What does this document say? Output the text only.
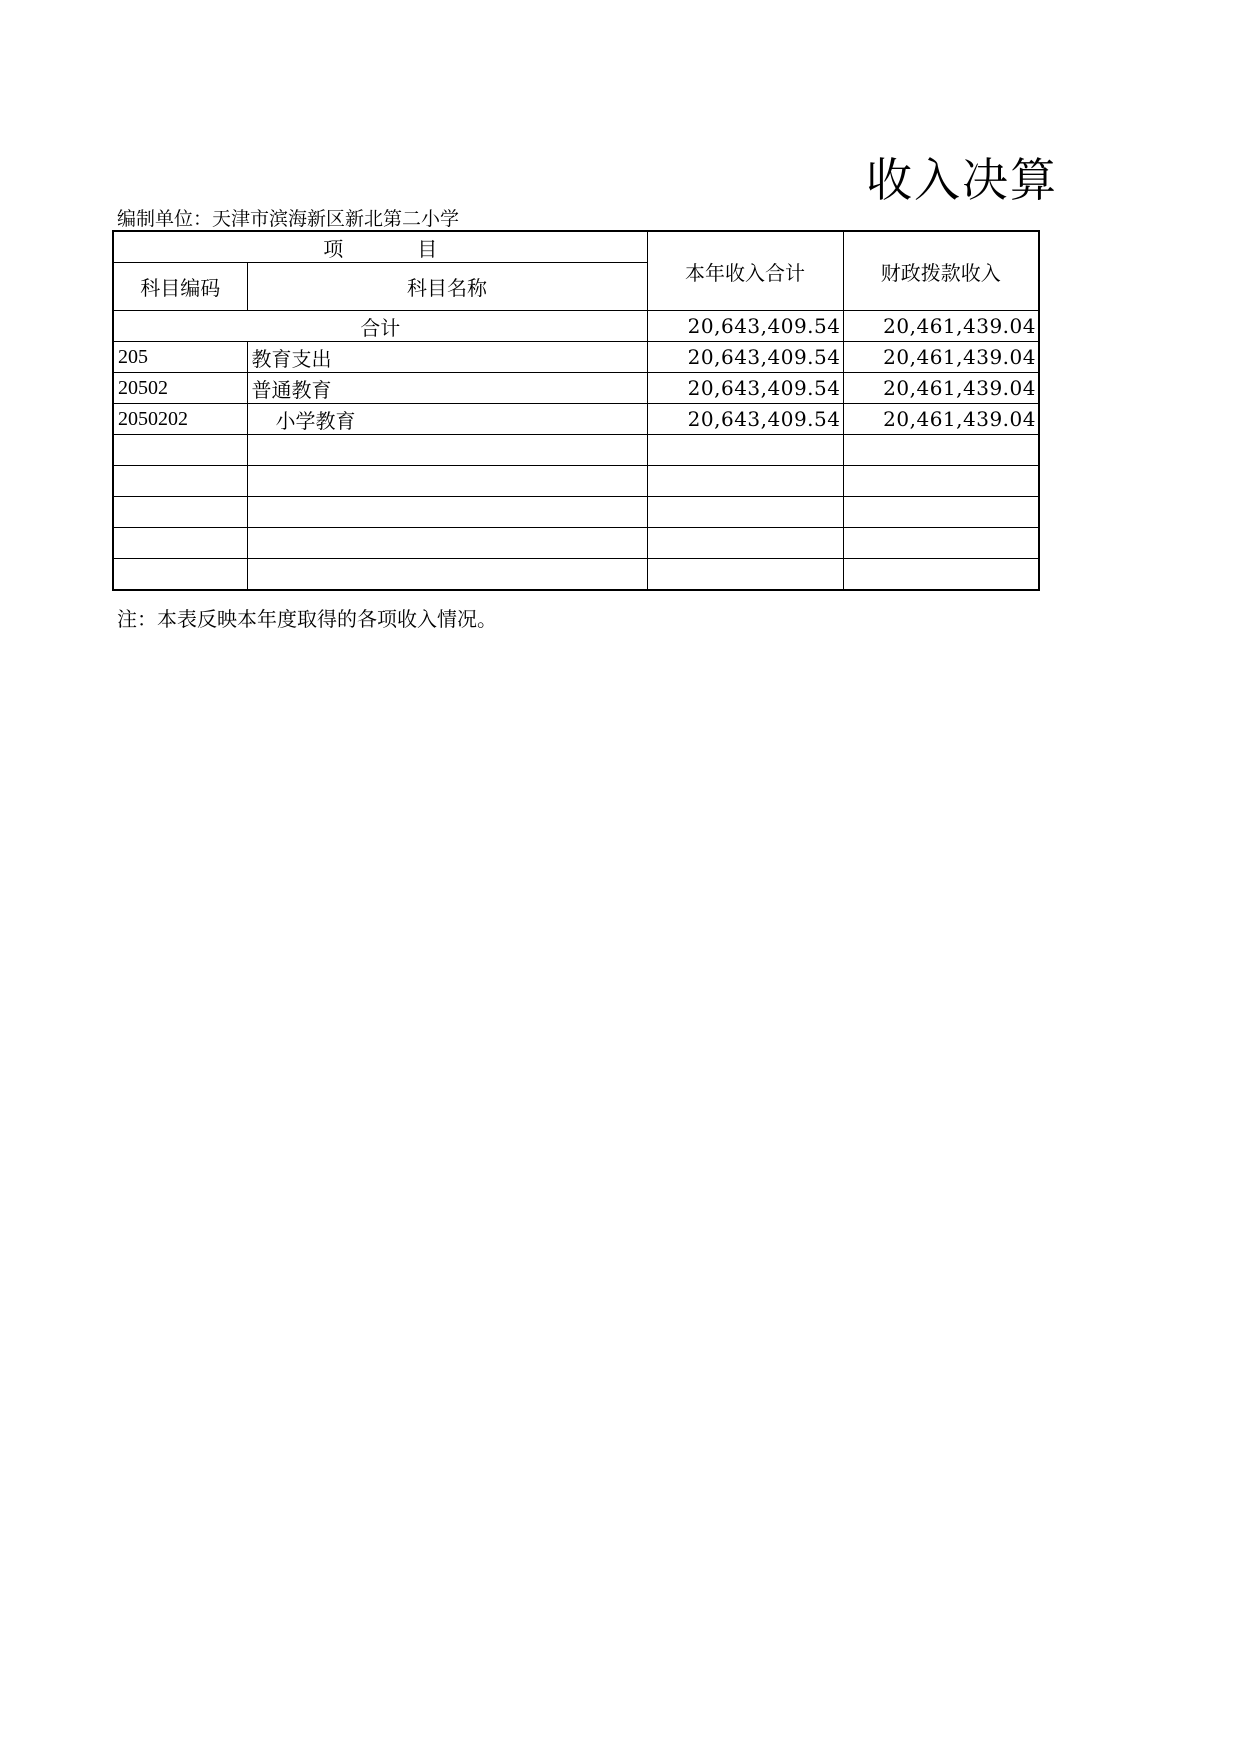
收入决算
编制单位：天津市滨海新区新北第二小学
项 目		本年收入合计	财政拨款收入
科目编码	科目名称		
合计		20,643,409.54	20,461,439.04
205	教育支出	20,643,409.54	20,461,439.04
20502	普通教育	20,643,409.54	20,461,439.04
2050202	小学教育	20,643,409.54	20,461,439.04

注：本表反映本年度取得的各项收入情况。
